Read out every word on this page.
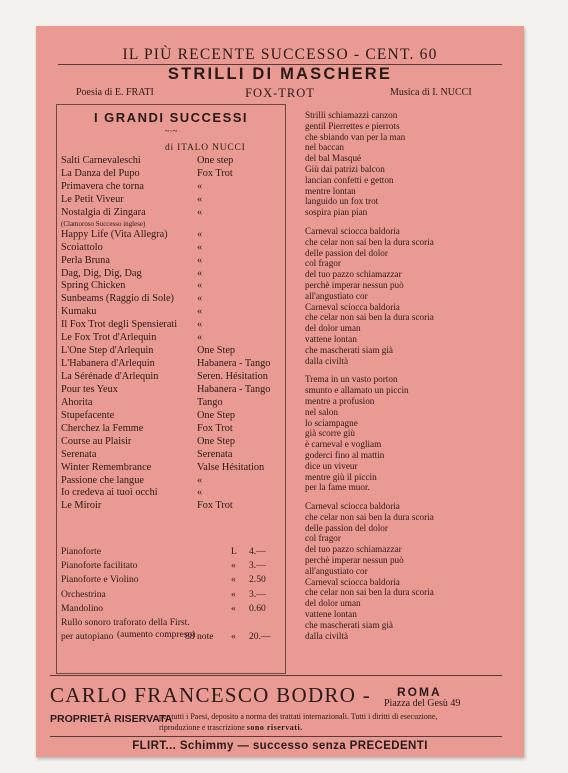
IL PIÙ RECENTE SUCCESSO - CENT. 60
STRILLI DI MASCHERE
Poesia di E. FRATI	FOX-TROT	Musica di I. NUCCI
I GRANDI SUCCESSI
~·~
di ITALO NUCCI
Salti Carnevaleschi	One step
La Danza del Pupo	Fox Trot
Primavera che torna	«
Le Petit Viveur	«
Nostalgia di Zingara	«
(Clamoroso Successo inglese)
Happy Life (Vita Allegra)	«
Scoiattolo	«
Perla Bruna	«
Dag, Dig, Dig, Dag	«
Spring Chicken	«
Sunbeams (Raggio di Sole) «
Kumaku	«
Il Fox Trot degli Spensierati «
Le Fox Trot d'Arlequin	«
L'One Step d'Arlequin	One Step
L'Habanera d'Arlequin	Habanera - Tango
La Sérénade d'Arlequin	Seren. Hésitation
Pour tes Yeux	Habanera - Tango
Ahorita	Tango
Stupefacente	One Step
Cherchez la Femme	Fox Trot
Course au Plaisir	One Step
Serenata	Serenata
Winter Remembrance	Valse Hésitation
Passione che langue	«
Io credeva ai tuoi occhi	«
Le Miroir	Fox Trot
Pianoforte	L 4.—
Pianoforte facilitato	« 3.—
Pianoforte e Violino	« 2.50
Orchestrina	« 3.—
Mandolino	« 0.60
Rullo sonoro traforato della First.
per autopiano	88 note « 20.—
(aumento compreso)
Strilli schiamazzi canzon
gentil Pierrettes e pierrots
che sbiando van per la man
nel baccan
del bal Masqué
Giù dai patrizi balcon
lancian confetti e getton
mentre lontan
languido un fox trot
sospira pian pian
Carneval sciocca baldoria
che celar non sai ben la dura scoria
delle passion del dolor
col fragor
del tuo pazzo schiamazzar
perchè imperar nessun può
all'angustiato cor
Carneval sciocca baldoria
che celar non sai ben la dura scoria
del dolor uman
vattene lontan
che mascherati siam già
dalla civiltà
Trema in un vasto porton
smunto e allamato un piccin
mentre a profusion
nel salon
lo sciampagne
già scorre giù
è carneval e vogliam
goderci fino al mattin
dice un viveur
mentre giù il piccin
per la fame muor.
Carneval sciocca baldoria
che celar non sai ben la dura scoria
delle passion del dolor
col fragor
del tuo pazzo schiamazzar
perchè imperar nessun può
all'angustiato cor
Carneval sciocca baldoria
che celar non sai ben la dura scoria
del dolor uman
vattene lontan
che mascherati siam già
dalla civiltà
CARLO FRANCESCO BODRO - ROMA
Piazza del Gesù 49
PROPRIETÀ RISERVATA
per tutti i Paesi, deposito a norma dei trattati internazionali. Tutti i diritti di esecuzione,
riproduzione e trascrizione sono riservati.
FLIRT... Schimmy — successo senza PRECEDENTI
